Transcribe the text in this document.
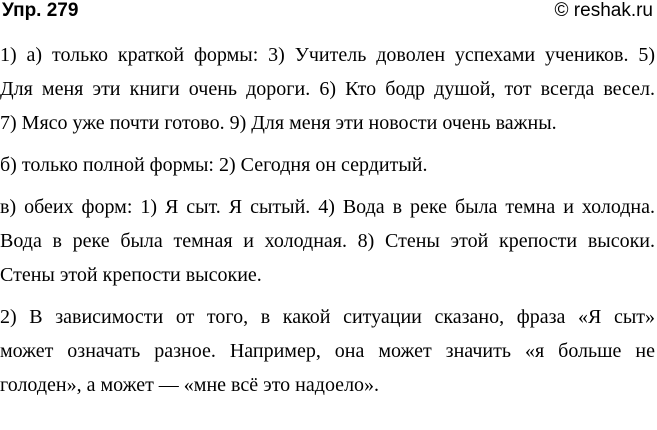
Упр. 279	© reshak.ru

1) а) только краткой формы: 3) Учитель доволен успехами учеников. 5)
Для меня эти книги очень дороги. 6) Кто бодр душой, тот всегда весел.
7) Мясо уже почти готово. 9) Для меня эти новости очень важны.

б) только полной формы: 2) Сегодня он сердитый.

в) обеих форм: 1) Я сыт. Я сытый. 4) Вода в реке была темна и холодна.
Вода в реке была темная и холодная. 8) Стены этой крепости высоки.
Стены этой крепости высокие.

2) В зависимости от того, в какой ситуации сказано, фраза «Я сыт»
может означать разное. Например, она может значить «я больше не
голоден», а может — «мне всё это надоело».
